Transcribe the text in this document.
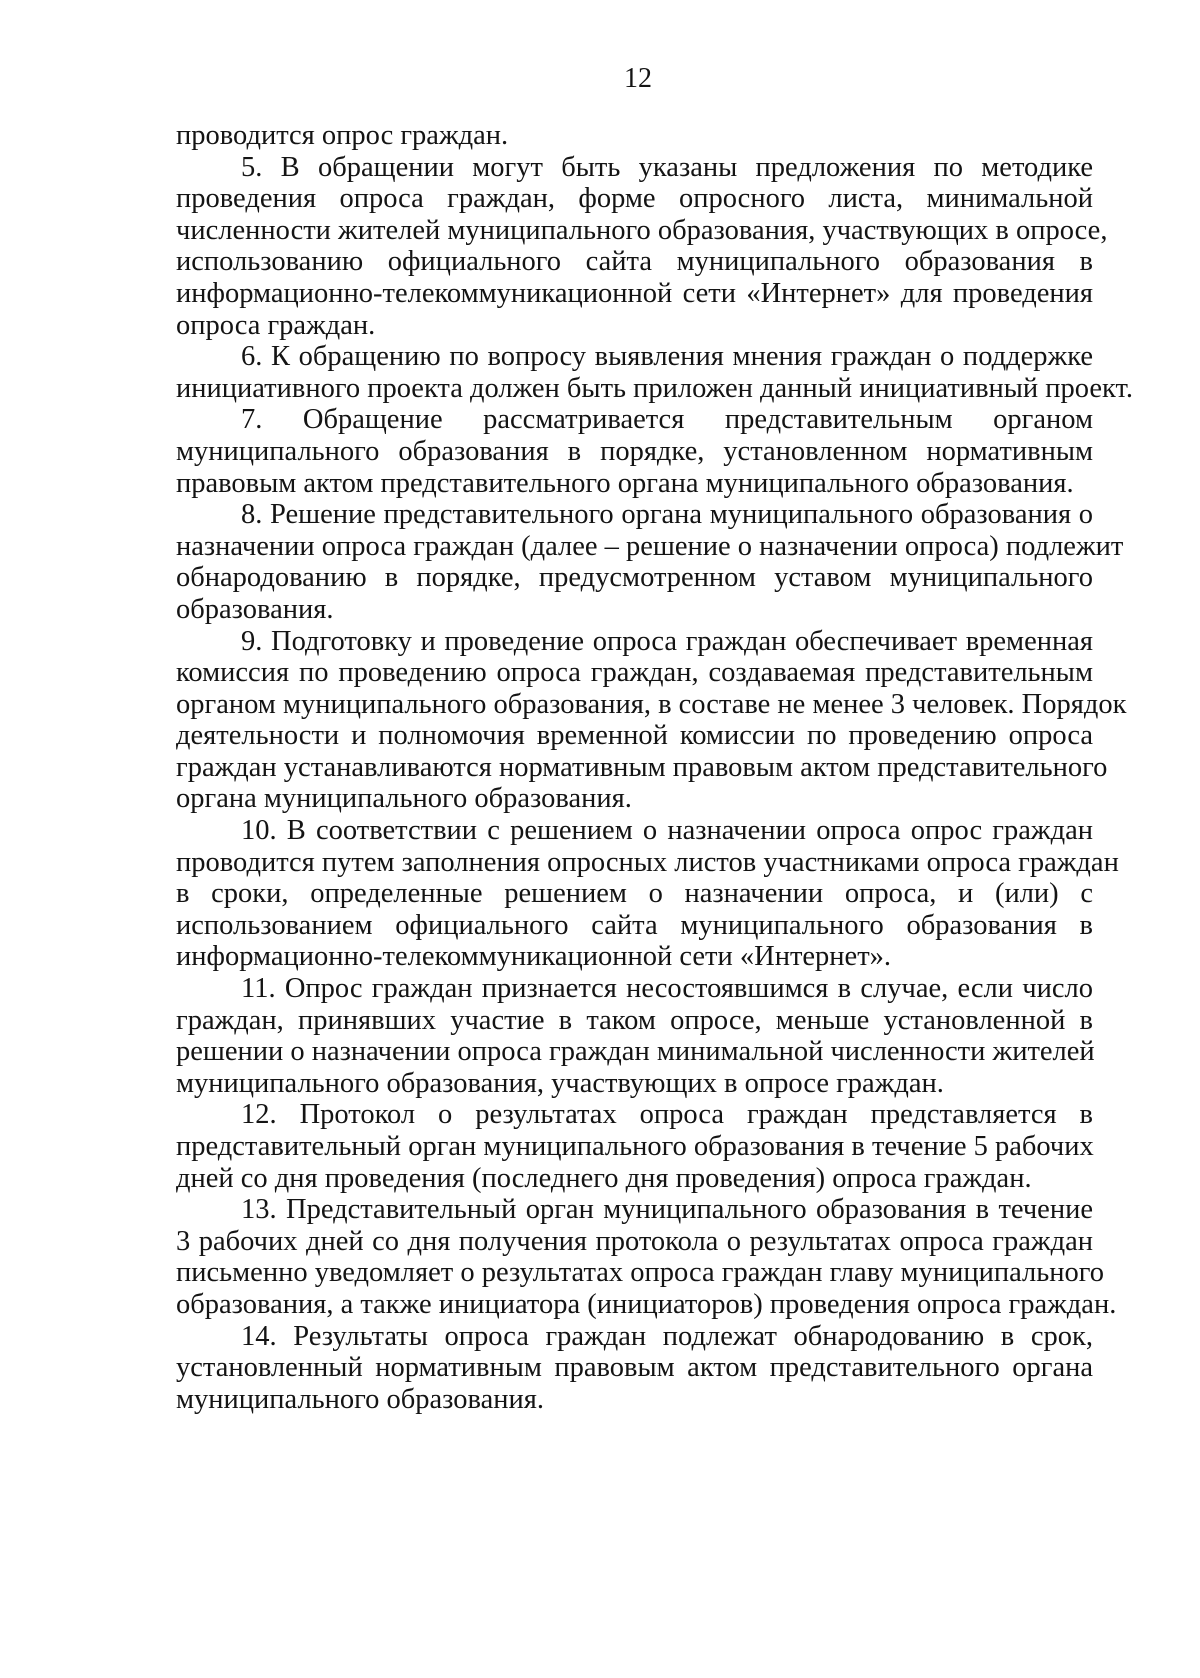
12
проводится опрос граждан.
5. В обращении могут быть указаны предложения по методике
проведения опроса граждан, форме опросного листа, минимальной
численности жителей муниципального образования, участвующих в опросе,
использованию официального сайта муниципального образования в
информационно-телекоммуникационной сети «Интернет» для проведения
опроса граждан.
6. К обращению по вопросу выявления мнения граждан о поддержке
инициативного проекта должен быть приложен данный инициативный проект.
7. Обращение рассматривается представительным органом
муниципального образования в порядке, установленном нормативным
правовым актом представительного органа муниципального образования.
8. Решение представительного органа муниципального образования о
назначении опроса граждан (далее – решение о назначении опроса) подлежит
обнародованию в порядке, предусмотренном уставом муниципального
образования.
9. Подготовку и проведение опроса граждан обеспечивает временная
комиссия по проведению опроса граждан, создаваемая представительным
органом муниципального образования, в составе не менее 3 человек. Порядок
деятельности и полномочия временной комиссии по проведению опроса
граждан устанавливаются нормативным правовым актом представительного
органа муниципального образования.
10. В соответствии с решением о назначении опроса опрос граждан
проводится путем заполнения опросных листов участниками опроса граждан
в сроки, определенные решением о назначении опроса, и (или) с
использованием официального сайта муниципального образования в
информационно-телекоммуникационной сети «Интернет».
11. Опрос граждан признается несостоявшимся в случае, если число
граждан, принявших участие в таком опросе, меньше установленной в
решении о назначении опроса граждан минимальной численности жителей
муниципального образования, участвующих в опросе граждан.
12. Протокол о результатах опроса граждан представляется в
представительный орган муниципального образования в течение 5 рабочих
дней со дня проведения (последнего дня проведения) опроса граждан.
13. Представительный орган муниципального образования в течение
3 рабочих дней со дня получения протокола о результатах опроса граждан
письменно уведомляет о результатах опроса граждан главу муниципального
образования, а также инициатора (инициаторов) проведения опроса граждан.
14. Результаты опроса граждан подлежат обнародованию в срок,
установленный нормативным правовым актом представительного органа
муниципального образования.
